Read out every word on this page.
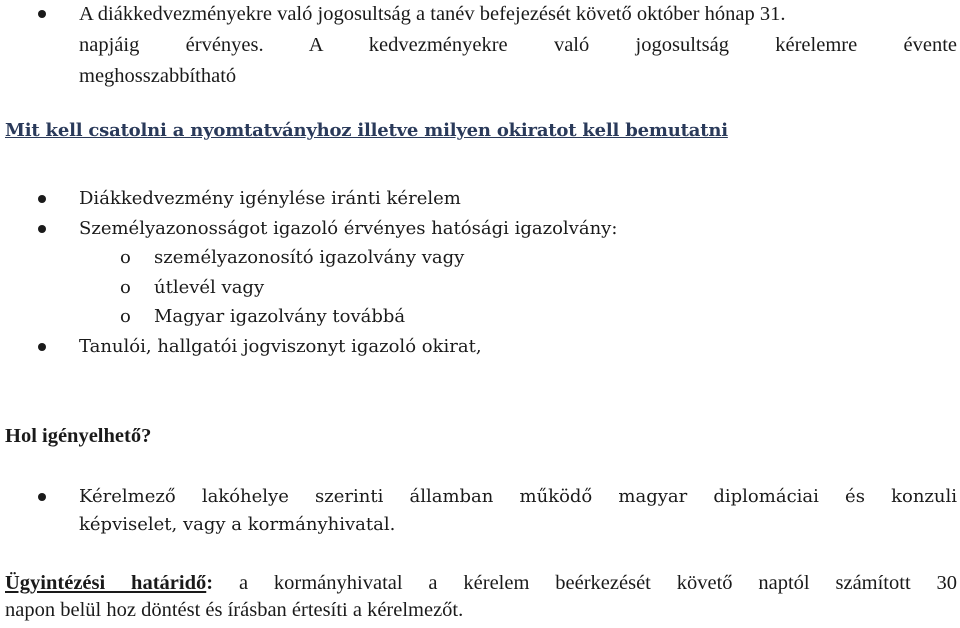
A diákkedvezményekre való jogosultság a tanév befejezését követő október hónap 31.
napjáig érvényes. A kedvezményekre való jogosultság kérelemre évente
meghosszabbítható
Mit kell csatolni a nyomtatványhoz illetve milyen okiratot kell bemutatni
Diákkedvezmény igénylése iránti kérelem
Személyazonosságot igazoló érvényes hatósági igazolvány:
o személyazonosító igazolvány vagy
o útlevél vagy
o Magyar igazolvány továbbá
Tanulói, hallgatói jogviszonyt igazoló okirat,
Hol igényelhető?
Kérelmező lakóhelye szerinti államban működő magyar diplomáciai és konzuli
képviselet, vagy a kormányhivatal.
Ügyintézési határidő: a kormányhivatal a kérelem beérkezését követő naptól számított 30
napon belül hoz döntést és írásban értesíti a kérelmezőt.
